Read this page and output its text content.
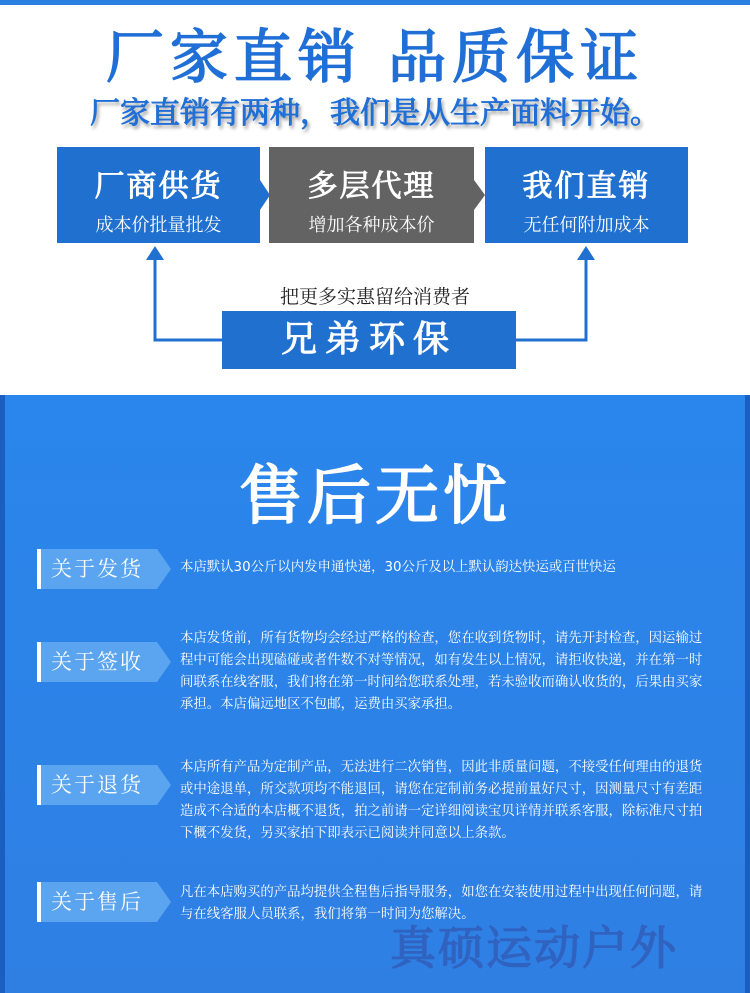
厂家直销 品质保证
厂家直销有两种，我们是从生产面料开始。
厂商供货
成本价批量批发
多层代理
增加各种成本价
我们直销
无任何附加成本
把更多实惠留给消费者
兄弟环保
售后无忧
关于发货	本店默认30公斤以内发申通快递，30公斤及以上默认韵达快运或百世快运
关于签收
本店发货前，所有货物均会经过严格的检查，您在收到货物时，请先开封检查，因运输过程中可能会出现磕碰或者件数不对等情况，如有发生以上情况，请拒收快递，并在第一时间联系在线客服，我们将在第一时间给您联系处理，若未验收而确认收货的，后果由买家承担。本店偏远地区不包邮，运费由买家承担。
关于退货
本店所有产品为定制产品，无法进行二次销售，因此非质量问题，不接受任何理由的退货或中途退单，所交款项均不能退回，请您在定制前务必提前量好尺寸，因测量尺寸有差距造成不合适的本店概不退货，拍之前请一定详细阅读宝贝详情并联系客服，除标准尺寸拍下概不发货，另买家拍下即表示已阅读并同意以上条款。
关于售后	凡在本店购买的产品均提供全程售后指导服务，如您在安装使用过程中出现任何问题，请与在线客服人员联系，我们将第一时间为您解决。
真硕运动户外
